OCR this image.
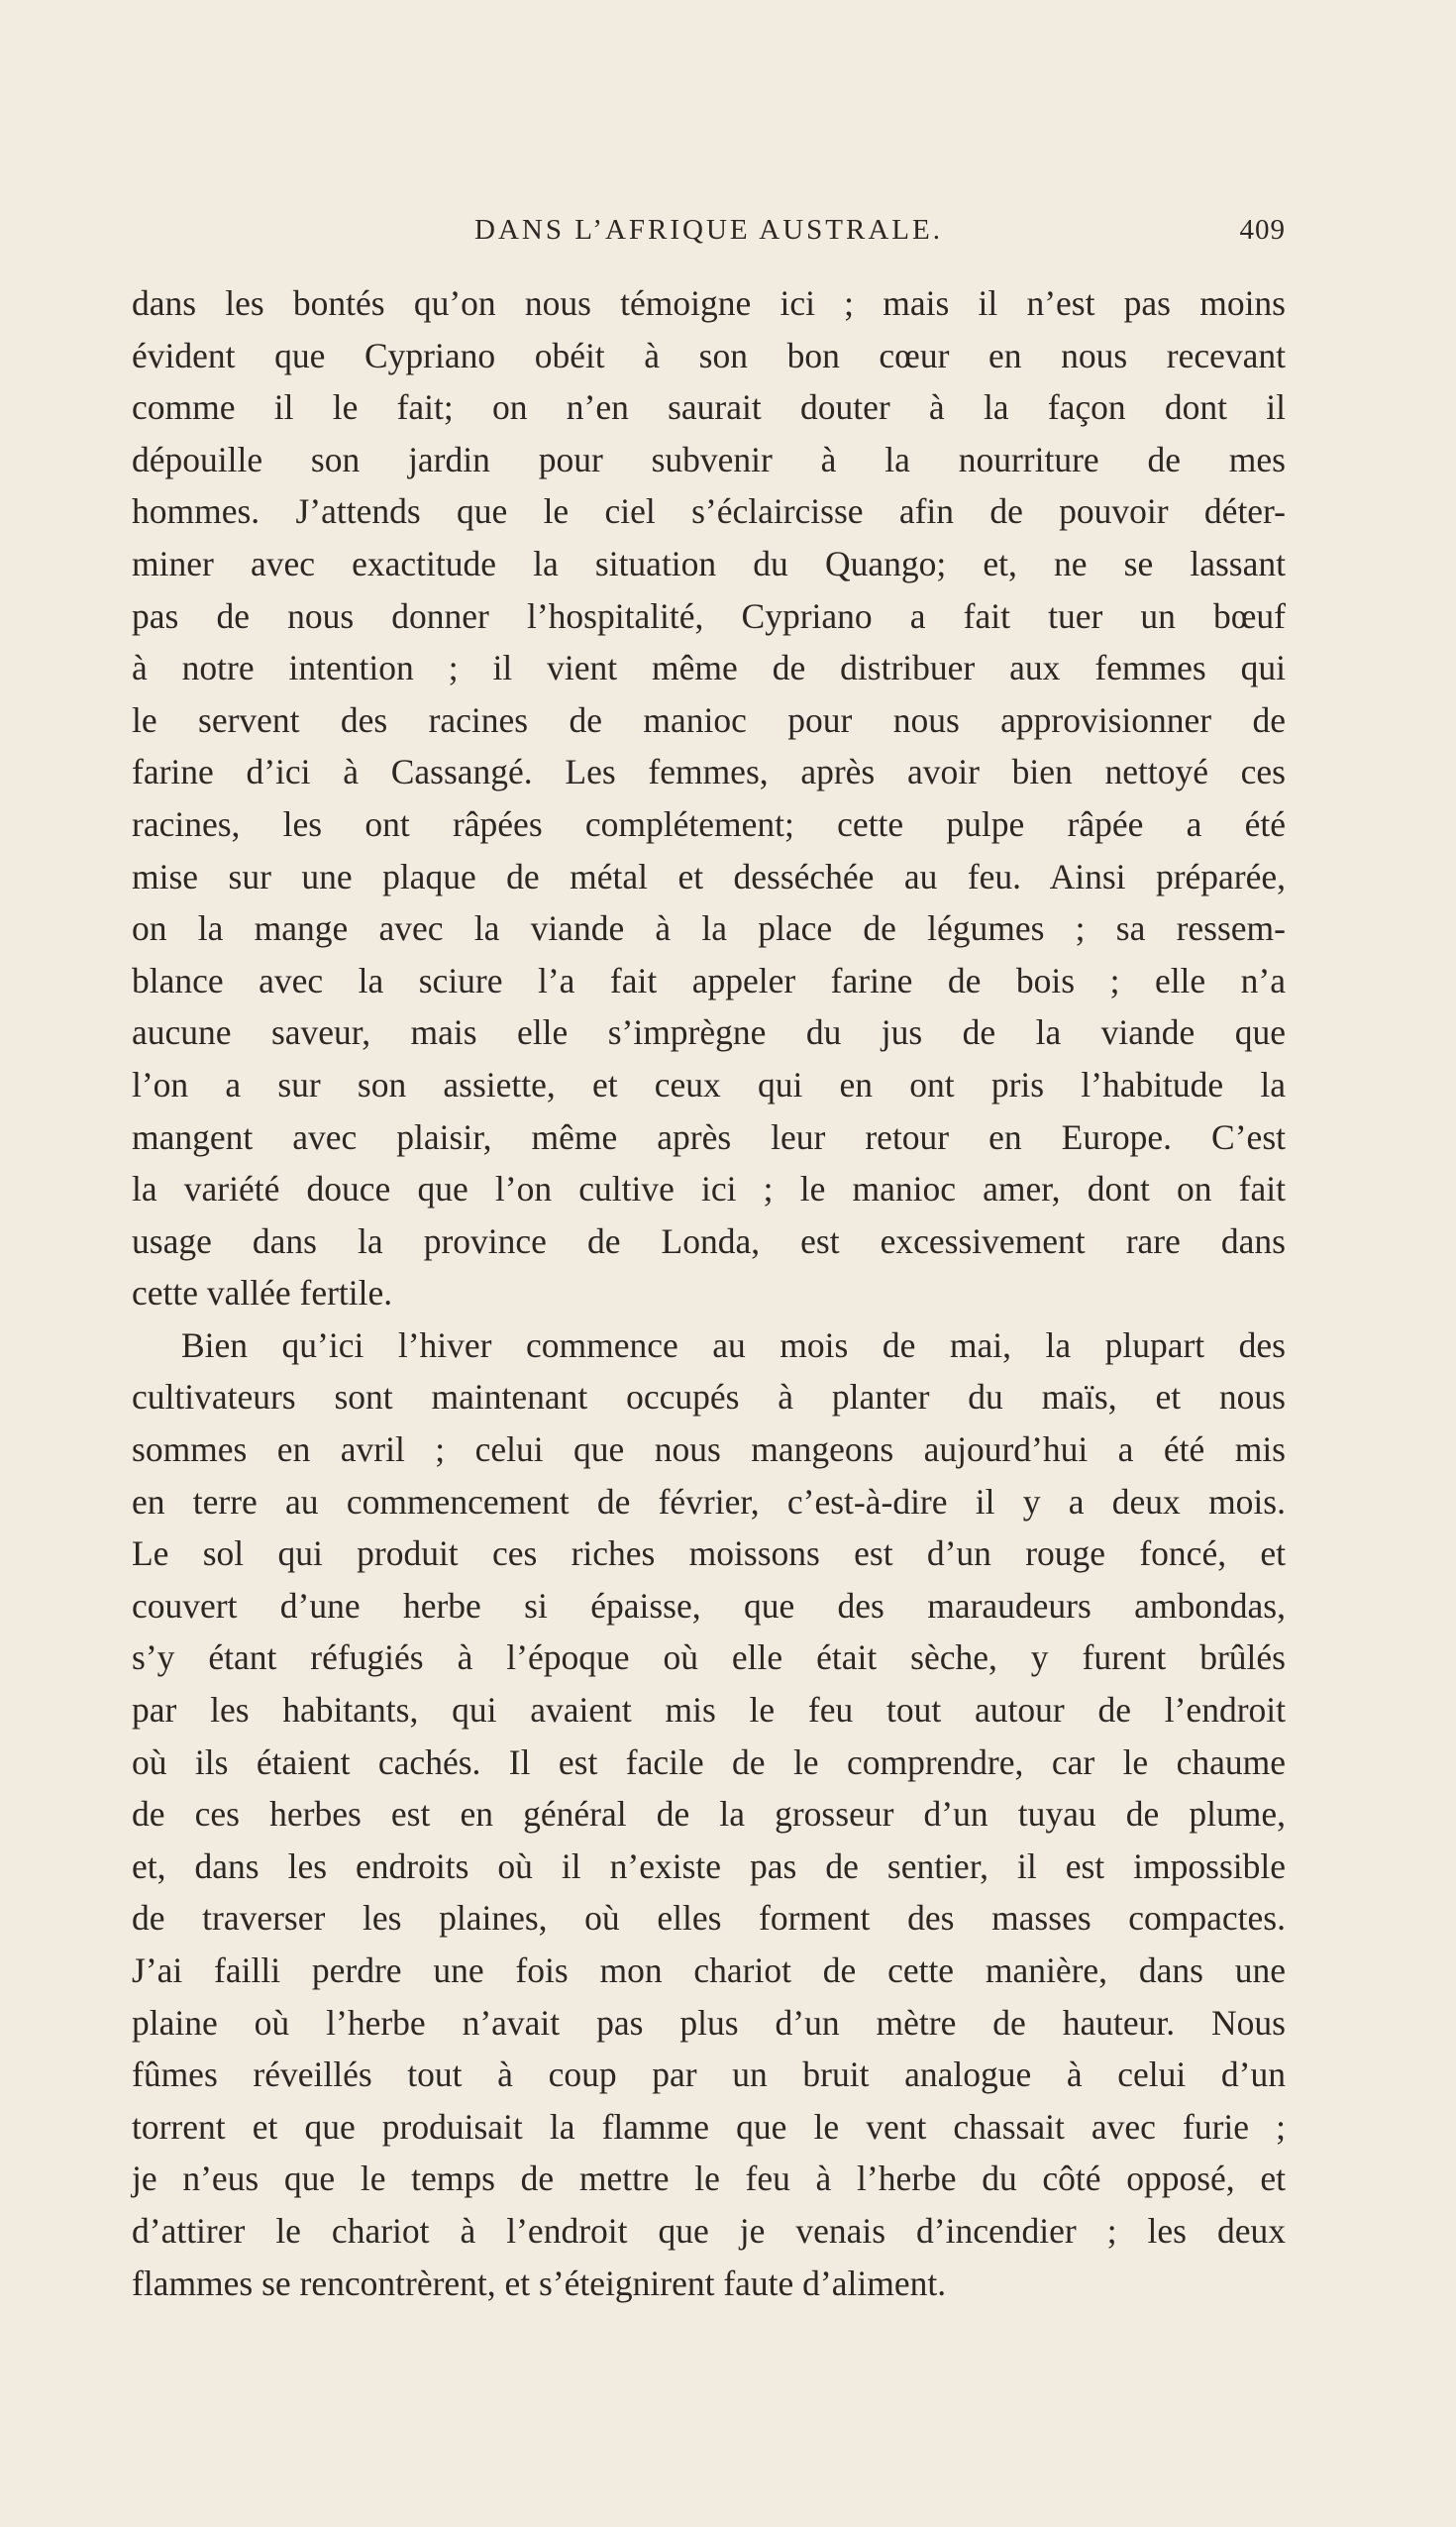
DANS L’AFRIQUE AUSTRALE.	409

dans les bontés qu’on nous témoigne ici ; mais il n’est pas moins

évident que Cypriano obéit à son bon cœur en nous recevant

comme il le fait; on n’en saurait douter à la façon dont il

dépouille son jardin pour subvenir à la nourriture de mes

hommes. J’attends que le ciel s’éclaircisse afin de pouvoir déter-

miner avec exactitude la situation du Quango; et, ne se lassant

pas de nous donner l’hospitalité, Cypriano a fait tuer un bœuf

à notre intention ; il vient même de distribuer aux femmes qui

le servent des racines de manioc pour nous approvisionner de

farine d’ici à Cassangé. Les femmes, après avoir bien nettoyé ces

racines, les ont râpées complétement; cette pulpe râpée a été

mise sur une plaque de métal et desséchée au feu. Ainsi préparée,

on la mange avec la viande à la place de légumes ; sa ressem-

blance avec la sciure l’a fait appeler farine de bois ; elle n’a

aucune saveur, mais elle s’imprègne du jus de la viande que

l’on a sur son assiette, et ceux qui en ont pris l’habitude la

mangent avec plaisir, même après leur retour en Europe. C’est

la variété douce que l’on cultive ici ; le manioc amer, dont on fait

usage dans la province de Londa, est excessivement rare dans

cette vallée fertile.

Bien qu’ici l’hiver commence au mois de mai, la plupart des

cultivateurs sont maintenant occupés à planter du maïs, et nous

sommes en avril ; celui que nous mangeons aujourd’hui a été mis

en terre au commencement de février, c’est-à-dire il y a deux mois.

Le sol qui produit ces riches moissons est d’un rouge foncé, et

couvert d’une herbe si épaisse, que des maraudeurs ambondas,

s’y étant réfugiés à l’époque où elle était sèche, y furent brûlés

par les habitants, qui avaient mis le feu tout autour de l’endroit

où ils étaient cachés. Il est facile de le comprendre, car le chaume

de ces herbes est en général de la grosseur d’un tuyau de plume,

et, dans les endroits où il n’existe pas de sentier, il est impossible

de traverser les plaines, où elles forment des masses compactes.

J’ai failli perdre une fois mon chariot de cette manière, dans une

plaine où l’herbe n’avait pas plus d’un mètre de hauteur. Nous

fûmes réveillés tout à coup par un bruit analogue à celui d’un

torrent et que produisait la flamme que le vent chassait avec furie ;

je n’eus que le temps de mettre le feu à l’herbe du côté opposé, et

d’attirer le chariot à l’endroit que je venais d’incendier ; les deux

flammes se rencontrèrent, et s’éteignirent faute d’aliment.
